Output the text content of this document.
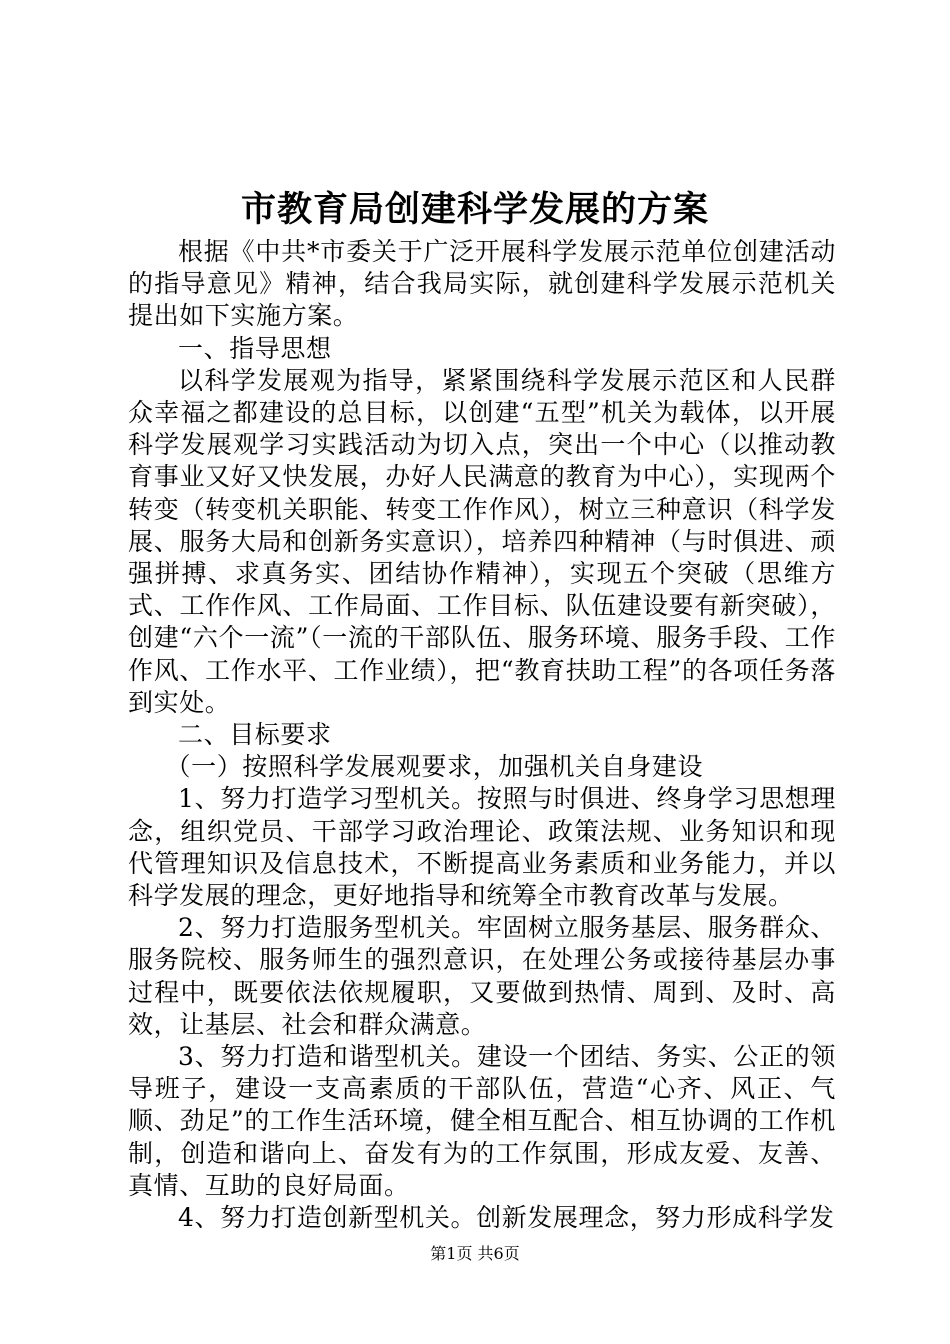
市教育局创建科学发展的方案

根据《中共*市委关于广泛开展科学发展示范单位创建活动的指导意见》精神，结合我局实际，就创建科学发展示范机关提出如下实施方案。

一、指导思想

以科学发展观为指导，紧紧围绕科学发展示范区和人民群众幸福之都建设的总目标，以创建“五型”机关为载体，以开展科学发展观学习实践活动为切入点，突出一个中心（以推动教育事业又好又快发展，办好人民满意的教育为中心），实现两个转变（转变机关职能、转变工作作风），树立三种意识（科学发展、服务大局和创新务实意识），培养四种精神（与时俱进、顽强拼搏、求真务实、团结协作精神），实现五个突破（思维方式、工作作风、工作局面、工作目标、队伍建设要有新突破），创建“六个一流”（一流的干部队伍、服务环境、服务手段、工作作风、工作水平、工作业绩），把“教育扶助工程”的各项任务落到实处。

二、目标要求

（一）按照科学发展观要求，加强机关自身建设

1、努力打造学习型机关。按照与时俱进、终身学习思想理念，组织党员、干部学习政治理论、政策法规、业务知识和现代管理知识及信息技术，不断提高业务素质和业务能力，并以科学发展的理念，更好地指导和统筹全市教育改革与发展。

2、努力打造服务型机关。牢固树立服务基层、服务群众、服务院校、服务师生的强烈意识，在处理公务或接待基层办事过程中，既要依法依规履职，又要做到热情、周到、及时、高效，让基层、社会和群众满意。

3、努力打造和谐型机关。建设一个团结、务实、公正的领导班子，建设一支高素质的干部队伍，营造“心齐、风正、气顺、劲足”的工作生活环境，健全相互配合、相互协调的工作机制，创造和谐向上、奋发有为的工作氛围，形成友爱、友善、真情、互助的良好局面。

4、努力打造创新型机关。创新发展理念，努力形成科学发

第1页 共6页
